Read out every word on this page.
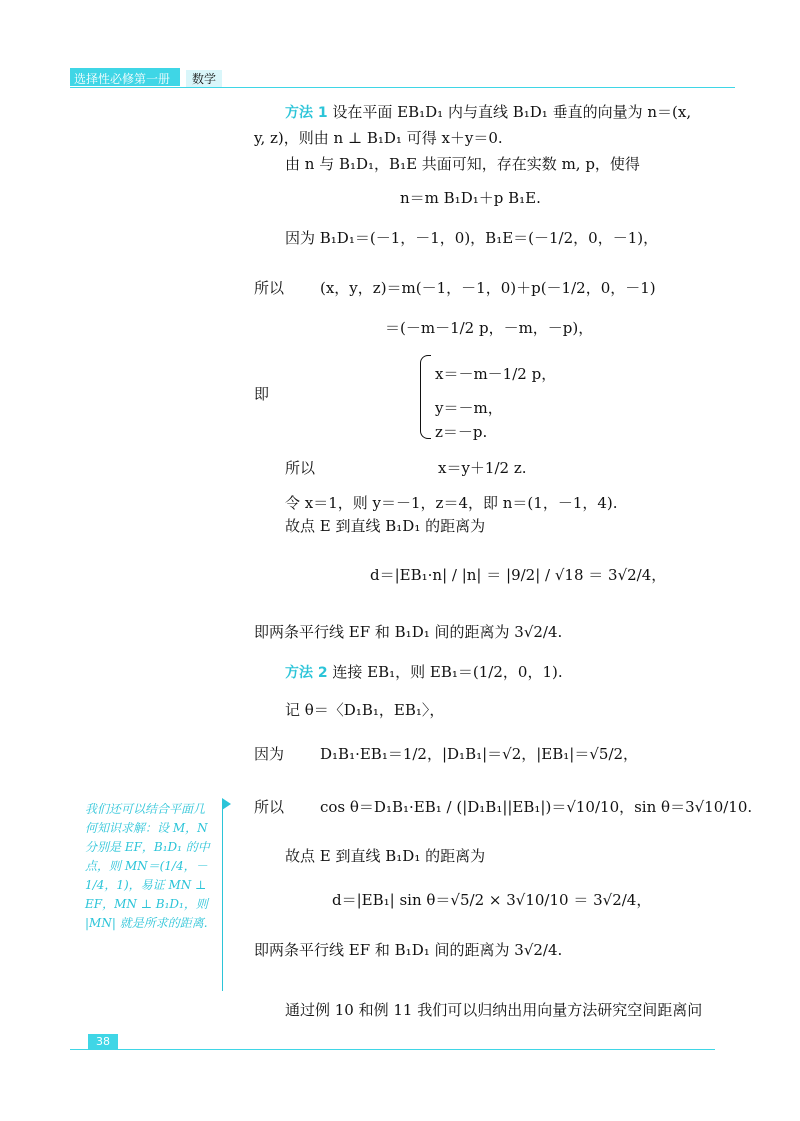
选择性必修第一册	数学
方法 1 设在平面 EB₁D₁ 内与直线 B₁D₁ 垂直的向量为 n＝(x,
y, z)，则由 n ⊥ B₁D₁ 可得 x＋y＝0.
由 n 与 B₁D₁，B₁E 共面可知，存在实数 m, p，使得
n＝m B₁D₁＋p B₁E.
因为 B₁D₁＝(－1，－1，0)，B₁E＝(－1/2，0，－1)，
所以 (x，y，z)＝m(－1，－1，0)＋p(－1/2，0，－1)
＝(－m－1/2 p，－m，－p)，
即
x＝－m－1/2 p，
y＝－m，
z＝－p.
所以	x＝y＋1/2 z.
令 x＝1，则 y＝－1，z＝4，即 n＝(1，－1，4).
故点 E 到直线 B₁D₁ 的距离为
d＝|EB₁·n| / |n| ＝ |9/2| / √18 ＝ 3√2/4，
即两条平行线 EF 和 B₁D₁ 间的距离为 3√2/4.
方法 2 连接 EB₁，则 EB₁＝(1/2，0，1).
记 θ＝〈D₁B₁，EB₁〉，
因为 D₁B₁·EB₁＝1/2，|D₁B₁|＝√2，|EB₁|＝√5/2，
所以 cos θ＝D₁B₁·EB₁ / (|D₁B₁||EB₁|)＝√10/10，sin θ＝3√10/10.
故点 E 到直线 B₁D₁ 的距离为
d＝|EB₁| sin θ＝√5/2 × 3√10/10 ＝ 3√2/4，
即两条平行线 EF 和 B₁D₁ 间的距离为 3√2/4.
通过例 10 和例 11 我们可以归纳出用向量方法研究空间距离问
我们还可以结合平面几何知识求解：设 M，N 分别是 EF，B₁D₁ 的中点，则 MN＝(1/4，－1/4，1)，易证 MN ⊥ EF，MN ⊥ B₁D₁，则 |MN| 就是所求的距离.
38
